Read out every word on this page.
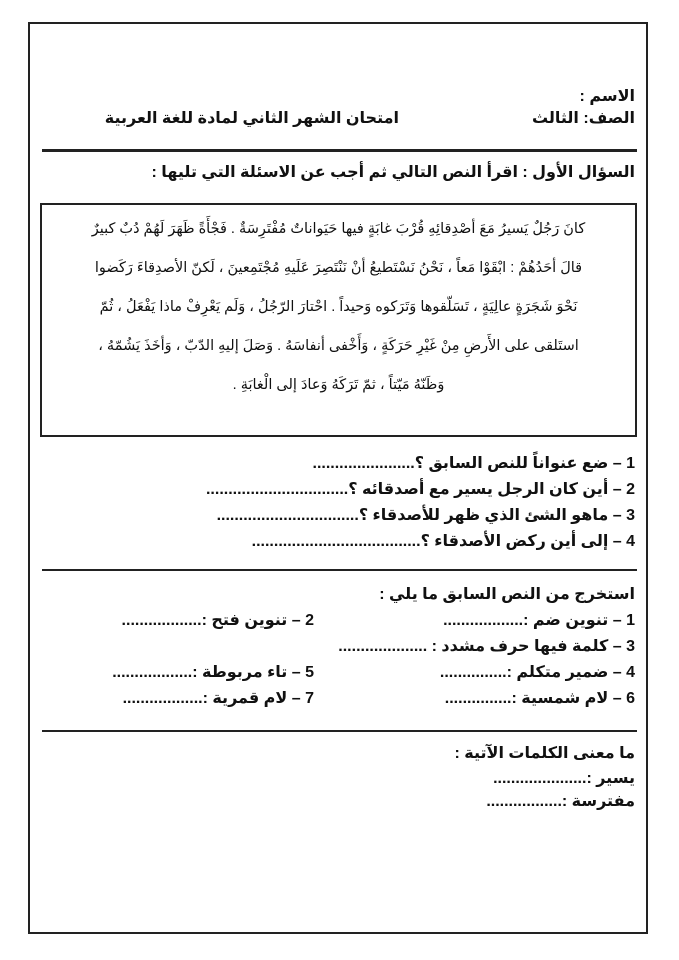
الاسم :
الصف: الثالث
امتحان الشهر الثاني لمادة للغة العربية
السؤال الأول : اقرأ النص التالي ثم أجب عن الاسئلة التي تليها :

كانَ رَجُلٌ يَسيرُ مَعَ أصْدِقائِهِ قُرْبَ غابَةٍ فيها حَيَواناتٌ مُفْتَرِسَةٌ . فَجْأَةً ظَهَرَ لَهُمْ دُبٌ كبيرٌ

قالَ أحَدُهُمْ : ابْقَوْا مَعاً ، نَحْنُ نَسْتَطيعُ أنْ نَنْتَصِرَ عَلَيهِ مُجْتَمِعينَ ، لَكنّ الأصدِقاءَ رَكَضوا

نَحْوَ شَجَرَةٍ عالِيَةٍ ، تَسَلّقوها وَتَرَكوه وَحيداً . احْتارَ الرّجُلُ ، وَلَم يَعْرِفْ ماذا يَفْعَلُ ، ثُمّ

استَلقى على الأَرضِ مِنْ غَيْرِ حَرَكَةٍ ، وَأَخْفى أنفاسَهُ . وَصَلَ إليهِ الدّبّ ، وَأخَذَ يَشُمّهُ ،

وَظَنّهُ مَيّتاً ، ثمّ تَرَكَهُ وَعادَ إلى الْغابَةِ .

1 – ضع عنواناً للنص السابق ؟.......................
2 – أين كان الرجل يسير مع أصدقائه ؟................................
3 – ماهو الشئ الذي ظهر للأصدقاء ؟................................
4 – إلى أين ركض الأصدقاء ؟......................................
استخرج من النص السابق ما يلي :
1 – تنوين ضم :..................
2 – تنوين فتح :..................
3 – كلمة فيها حرف مشدد : ....................
4 – ضمير متكلم :...............
5 – تاء مربوطة :..................
6 – لام شمسية :...............
7 – لام قمرية :..................
ما معنى الكلمات الآتية :
يسير :.....................
مفترسة :.................
